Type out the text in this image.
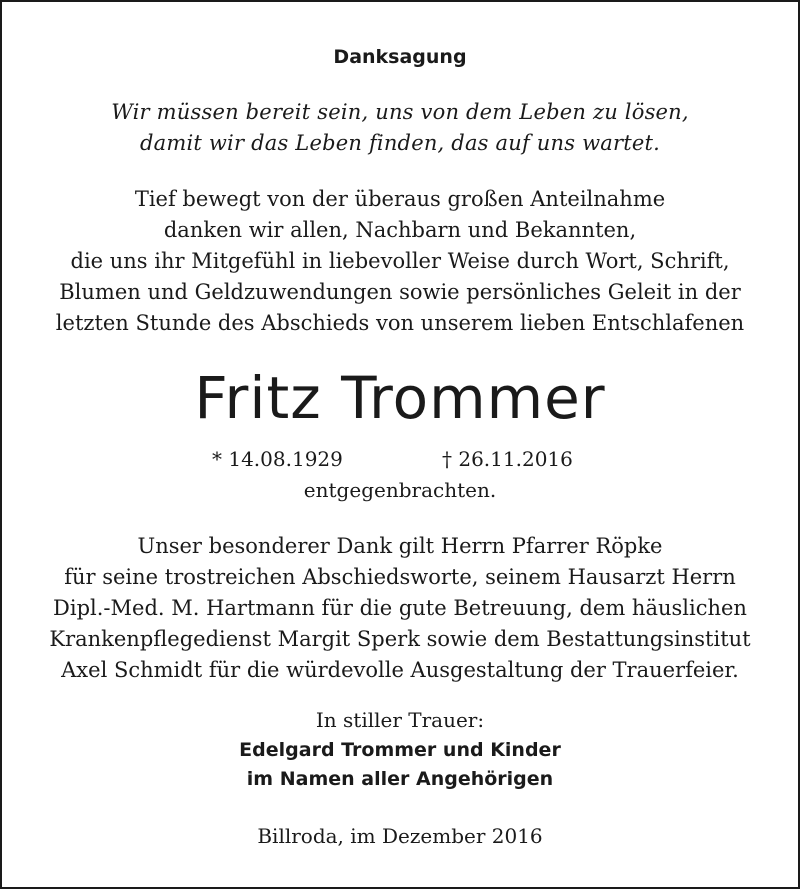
Danksagung

Wir müssen bereit sein, uns von dem Leben zu lösen,

damit wir das Leben finden, das auf uns wartet.

Tief bewegt von der überaus großen Anteilnahme

danken wir allen, Nachbarn und Bekannten,

die uns ihr Mitgefühl in liebevoller Weise durch Wort, Schrift,

Blumen und Geldzuwendungen sowie persönliches Geleit in der

letzten Stunde des Abschieds von unserem lieben Entschlafenen

Fritz Trommer

* 14.08.1929	† 26.11.2016

entgegenbrachten.

Unser besonderer Dank gilt Herrn Pfarrer Röpke

für seine trostreichen Abschiedsworte, seinem Hausarzt Herrn

Dipl.-Med. M. Hartmann für die gute Betreuung, dem häuslichen

Krankenpflegedienst Margit Sperk sowie dem Bestattungsinstitut

Axel Schmidt für die würdevolle Ausgestaltung der Trauerfeier.

In stiller Trauer:

Edelgard Trommer und Kinder

im Namen aller Angehörigen

Billroda, im Dezember 2016
